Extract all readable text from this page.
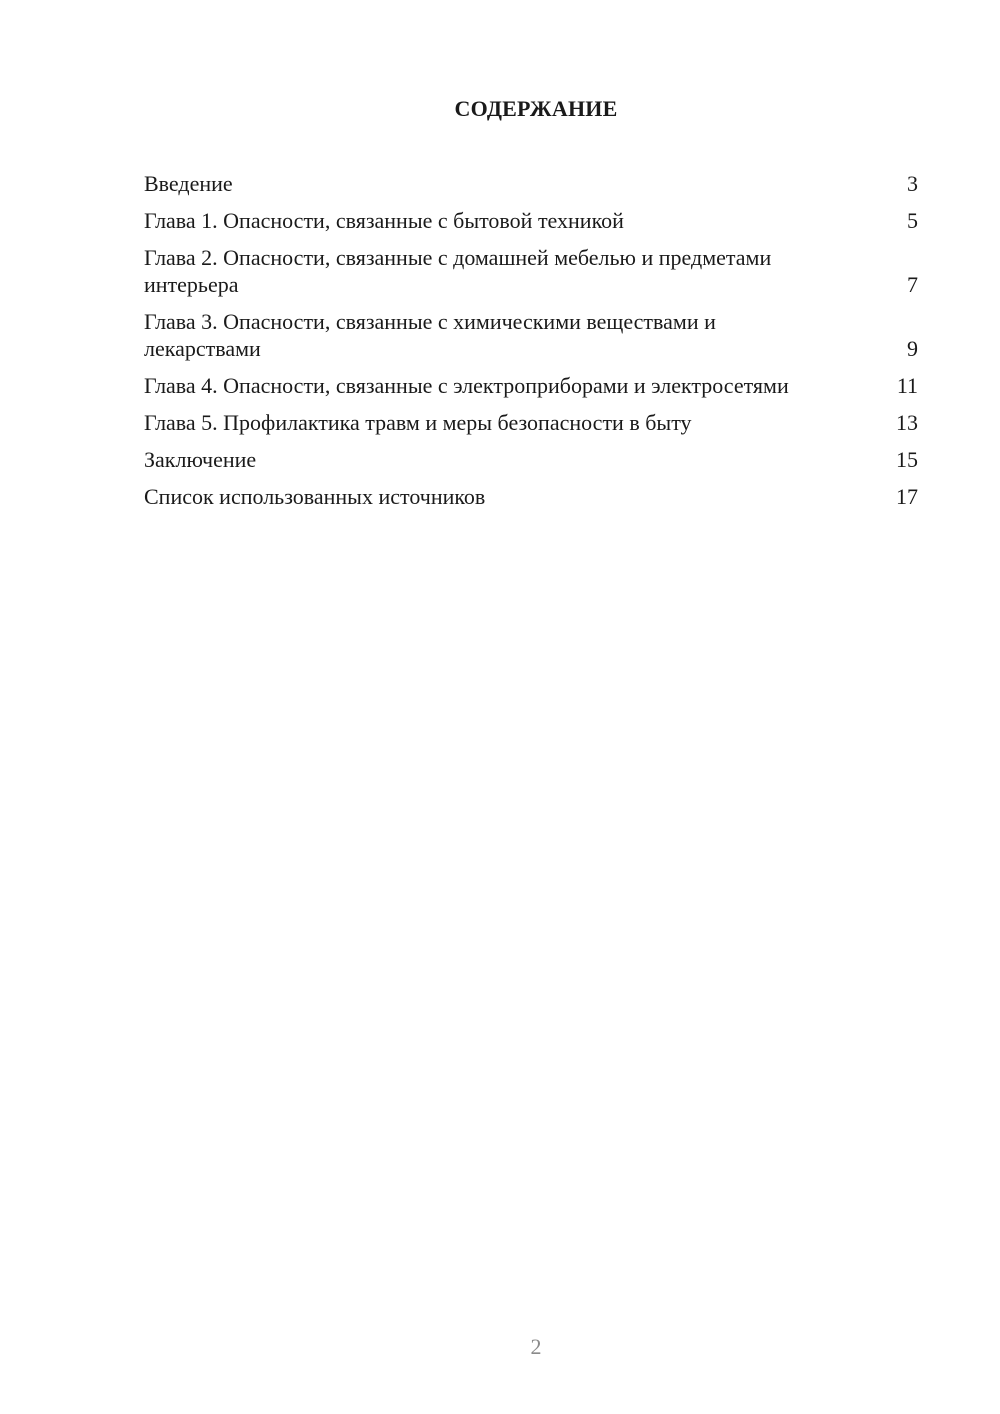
СОДЕРЖАНИЕ
Введение	3
Глава 1. Опасности, связанные с бытовой техникой	5
Глава 2. Опасности, связанные с домашней мебелью и предметами интерьера	7
Глава 3. Опасности, связанные с химическими веществами и лекарствами	9
Глава 4. Опасности, связанные с электроприборами и электросетями	11
Глава 5. Профилактика травм и меры безопасности в быту	13
Заключение	15
Список использованных источников	17
2
